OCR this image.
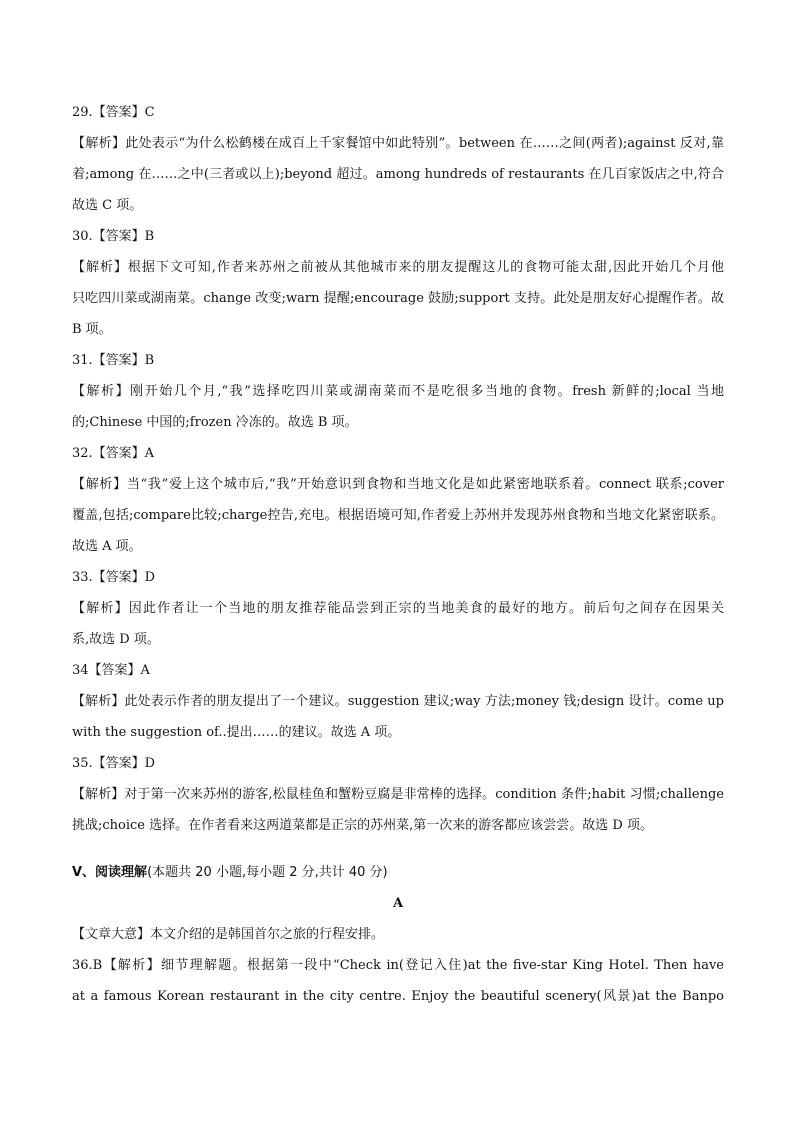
29.【答案】C
【解析】此处表示“为什么松鹤楼在成百上千家餐馆中如此特别”。between 在……之间(两者);against 反对,靠
着;among 在……之中(三者或以上);beyond 超过。among hundreds of restaurants 在几百家饭店之中,符合
故选 C 项。
30.【答案】B
【解析】根据下文可知,作者来苏州之前被从其他城市来的朋友提醒这儿的食物可能太甜,因此开始几个月他
只吃四川菜或湖南菜。change 改变;warn 提醒;encourage 鼓励;support 支持。此处是朋友好心提醒作者。故
B 项。
31.【答案】B
【解析】刚开始几个月,“我”选择吃四川菜或湖南菜而不是吃很多当地的食物。fresh 新鲜的;local 当地
的;Chinese 中国的;frozen 冷冻的。故选 B 项。
32.【答案】A
【解析】当“我”爱上这个城市后,“我”开始意识到食物和当地文化是如此紧密地联系着。connect 联系;cover
覆盖,包括;compare比较;charge控告,充电。根据语境可知,作者爱上苏州并发现苏州食物和当地文化紧密联系。
故选 A 项。
33.【答案】D
【解析】因此作者让一个当地的朋友推荐能品尝到正宗的当地美食的最好的地方。前后句之间存在因果关
系,故选 D 项。
34【答案】A
【解析】此处表示作者的朋友提出了一个建议。suggestion 建议;way 方法;money 钱;design 设计。come up
with the suggestion of..提出……的建议。故选 A 项。
35.【答案】D
【解析】对于第一次来苏州的游客,松鼠桂鱼和蟹粉豆腐是非常棒的选择。condition 条件;habit 习惯;challenge
挑战;choice 选择。在作者看来这两道菜都是正宗的苏州菜,第一次来的游客都应该尝尝。故选 D 项。
Ⅴ、阅读理解(本题共 20 小题,每小题 2 分,共计 40 分)
A
【文章大意】本文介绍的是韩国首尔之旅的行程安排。
36.B【解析】细节理解题。根据第一段中“Check in(登记入住)at the five-star King Hotel. Then have
at a famous Korean restaurant in the city centre. Enjoy the beautiful scenery(风景)at the Banpo
